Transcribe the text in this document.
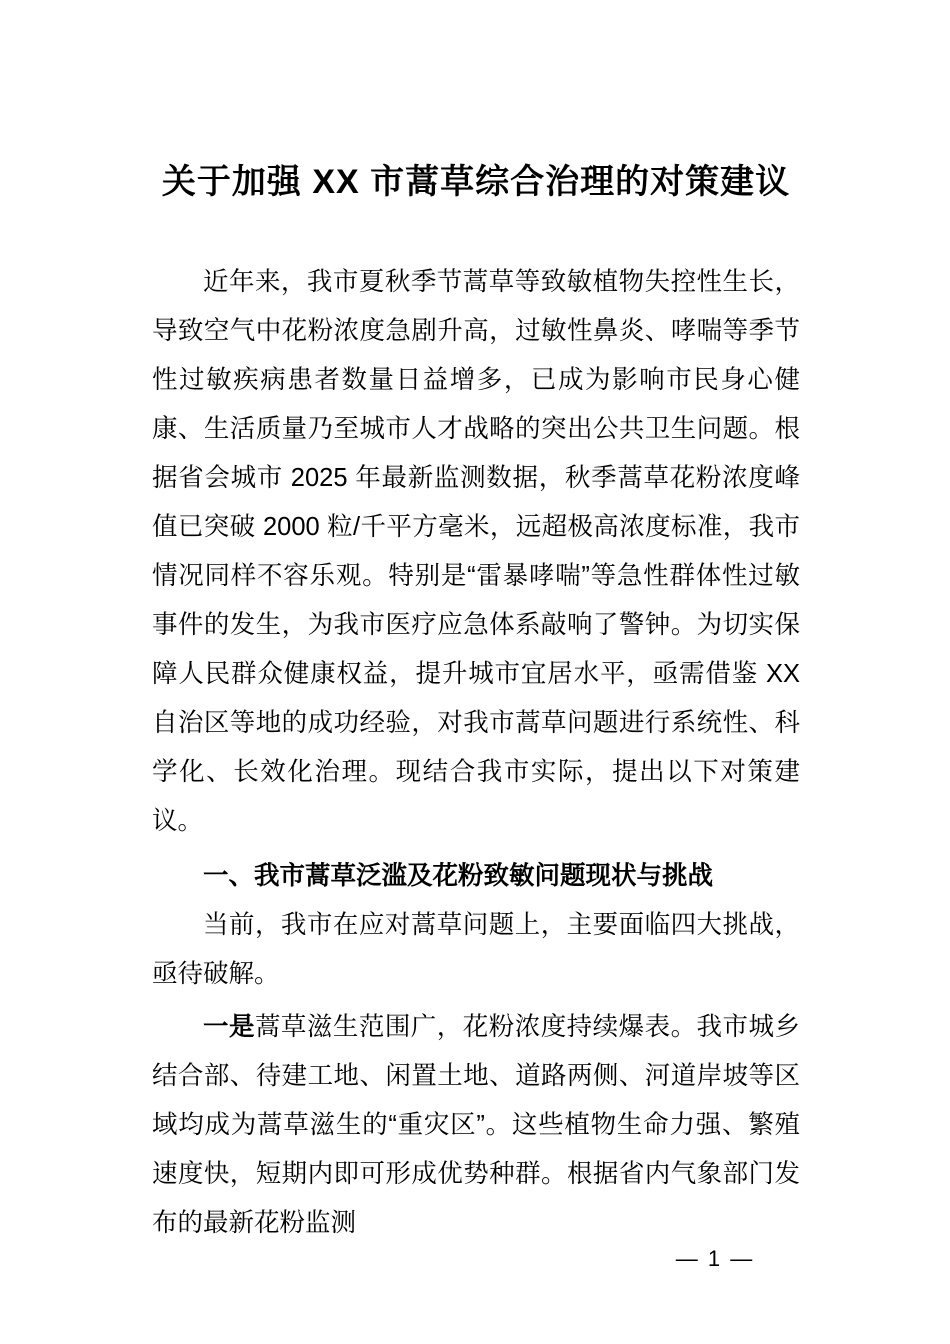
关于加强 XX 市蒿草综合治理的对策建议

近年来，我市夏秋季节蒿草等致敏植物失控性生长，导致空气中花粉浓度急剧升高，过敏性鼻炎、哮喘等季节性过敏疾病患者数量日益增多，已成为影响市民身心健康、生活质量乃至城市人才战略的突出公共卫生问题。根据省会城市 2025 年最新监测数据，秋季蒿草花粉浓度峰值已突破 2000 粒/千平方毫米，远超极高浓度标准，我市情况同样不容乐观。特别是“雷暴哮喘”等急性群体性过敏事件的发生，为我市医疗应急体系敲响了警钟。为切实保障人民群众健康权益，提升城市宜居水平，亟需借鉴 XX 自治区等地的成功经验，对我市蒿草问题进行系统性、科学化、长效化治理。现结合我市实际，提出以下对策建议。

一、我市蒿草泛滥及花粉致敏问题现状与挑战

当前，我市在应对蒿草问题上，主要面临四大挑战，亟待破解。

一是蒿草滋生范围广，花粉浓度持续爆表。我市城乡结合部、待建工地、闲置土地、道路两侧、河道岸坡等区域均成为蒿草滋生的“重灾区”。这些植物生命力强、繁殖速度快，短期内即可形成优势种群。根据省内气象部门发布的最新花粉监测

— 1 —
